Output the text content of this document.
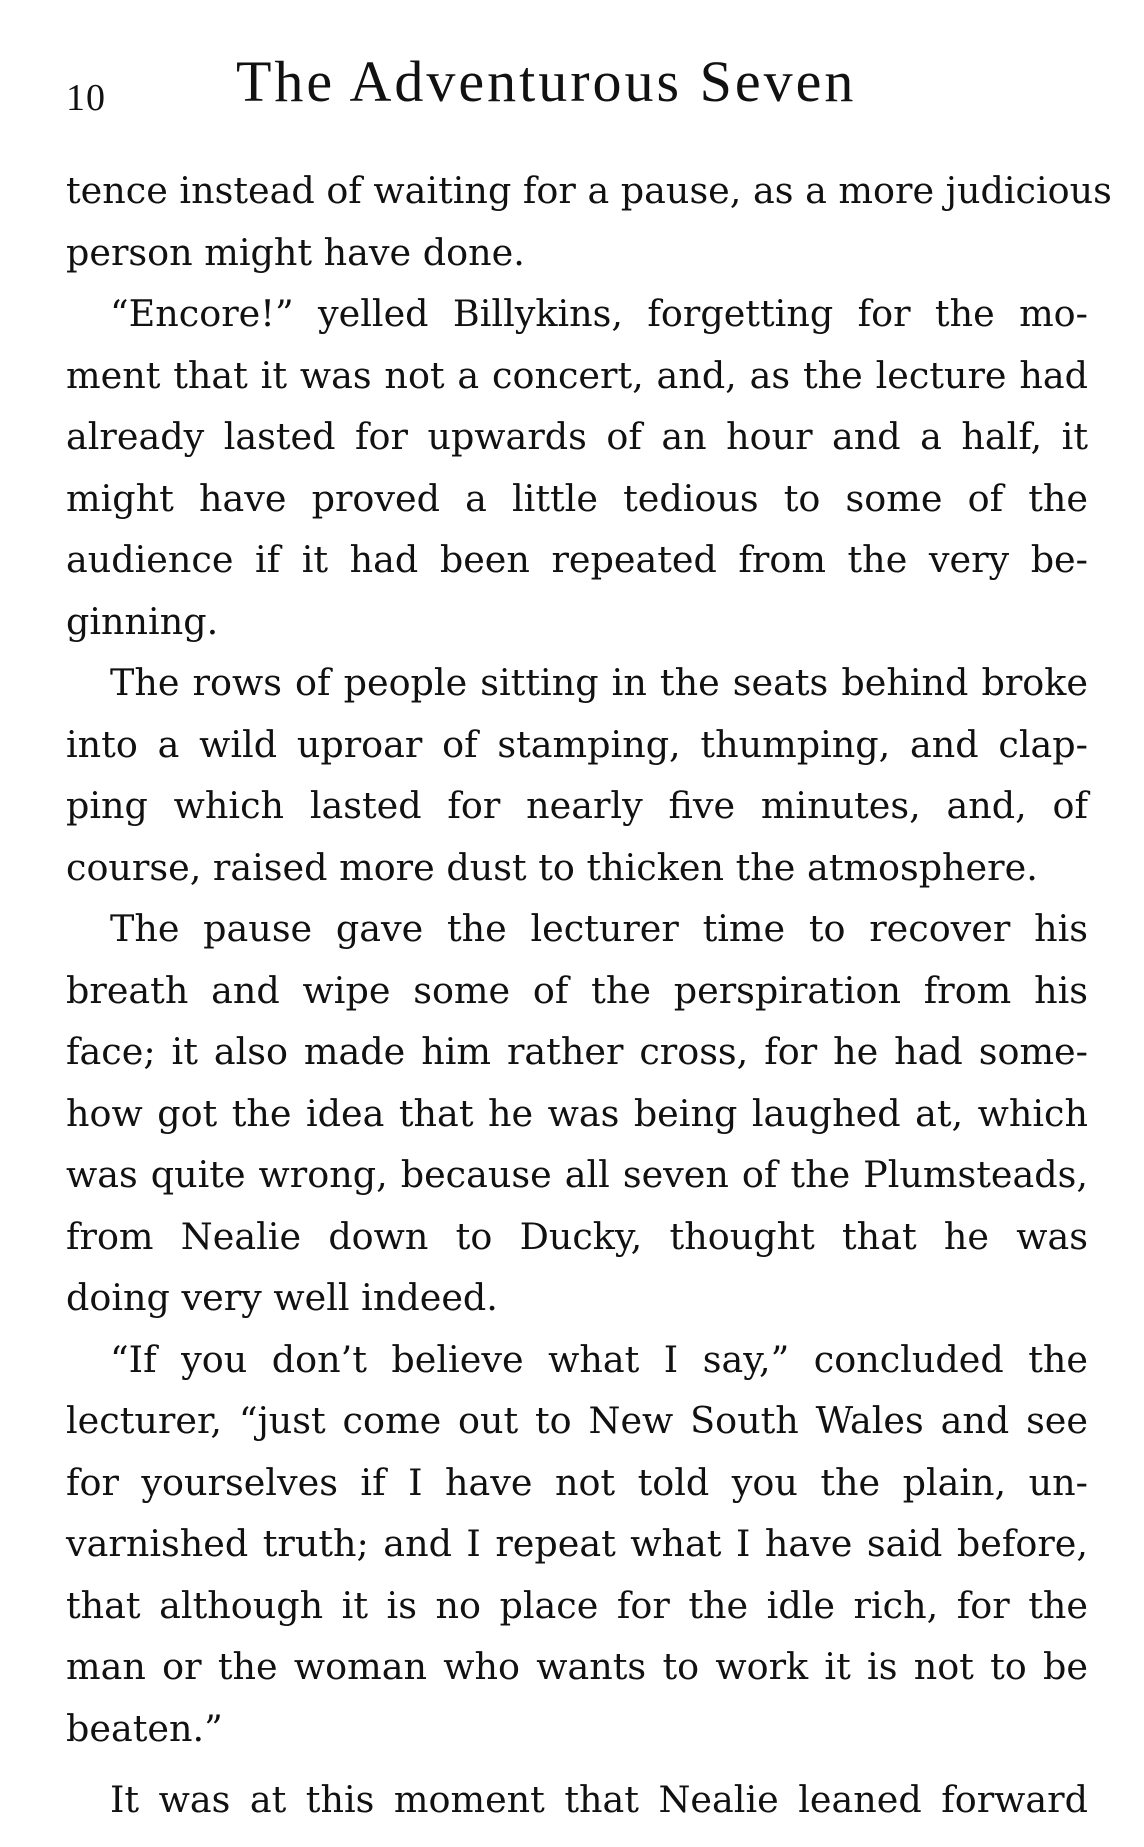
10 The Adventurous Seven
tence instead of waiting for a pause, as a more judicious
person might have done.
“Encore!” yelled Billykins, forgetting for the mo-
ment that it was not a concert, and, as the lecture had
already lasted for upwards of an hour and a half, it
might have proved a little tedious to some of the
audience if it had been repeated from the very be-
ginning.
The rows of people sitting in the seats behind broke
into a wild uproar of stamping, thumping, and clap-
ping which lasted for nearly five minutes, and, of
course, raised more dust to thicken the atmosphere.
The pause gave the lecturer time to recover his
breath and wipe some of the perspiration from his
face; it also made him rather cross, for he had some-
how got the idea that he was being laughed at, which
was quite wrong, because all seven of the Plumsteads,
from Nealie down to Ducky, thought that he was
doing very well indeed.
“If you don’t believe what I say,” concluded the
lecturer, “just come out to New South Wales and see
for yourselves if I have not told you the plain, un-
varnished truth; and I repeat what I have said before,
that although it is no place for the idle rich, for the
man or the woman who wants to work it is not to be
beaten.”
It was at this moment that Nealie leaned forward
